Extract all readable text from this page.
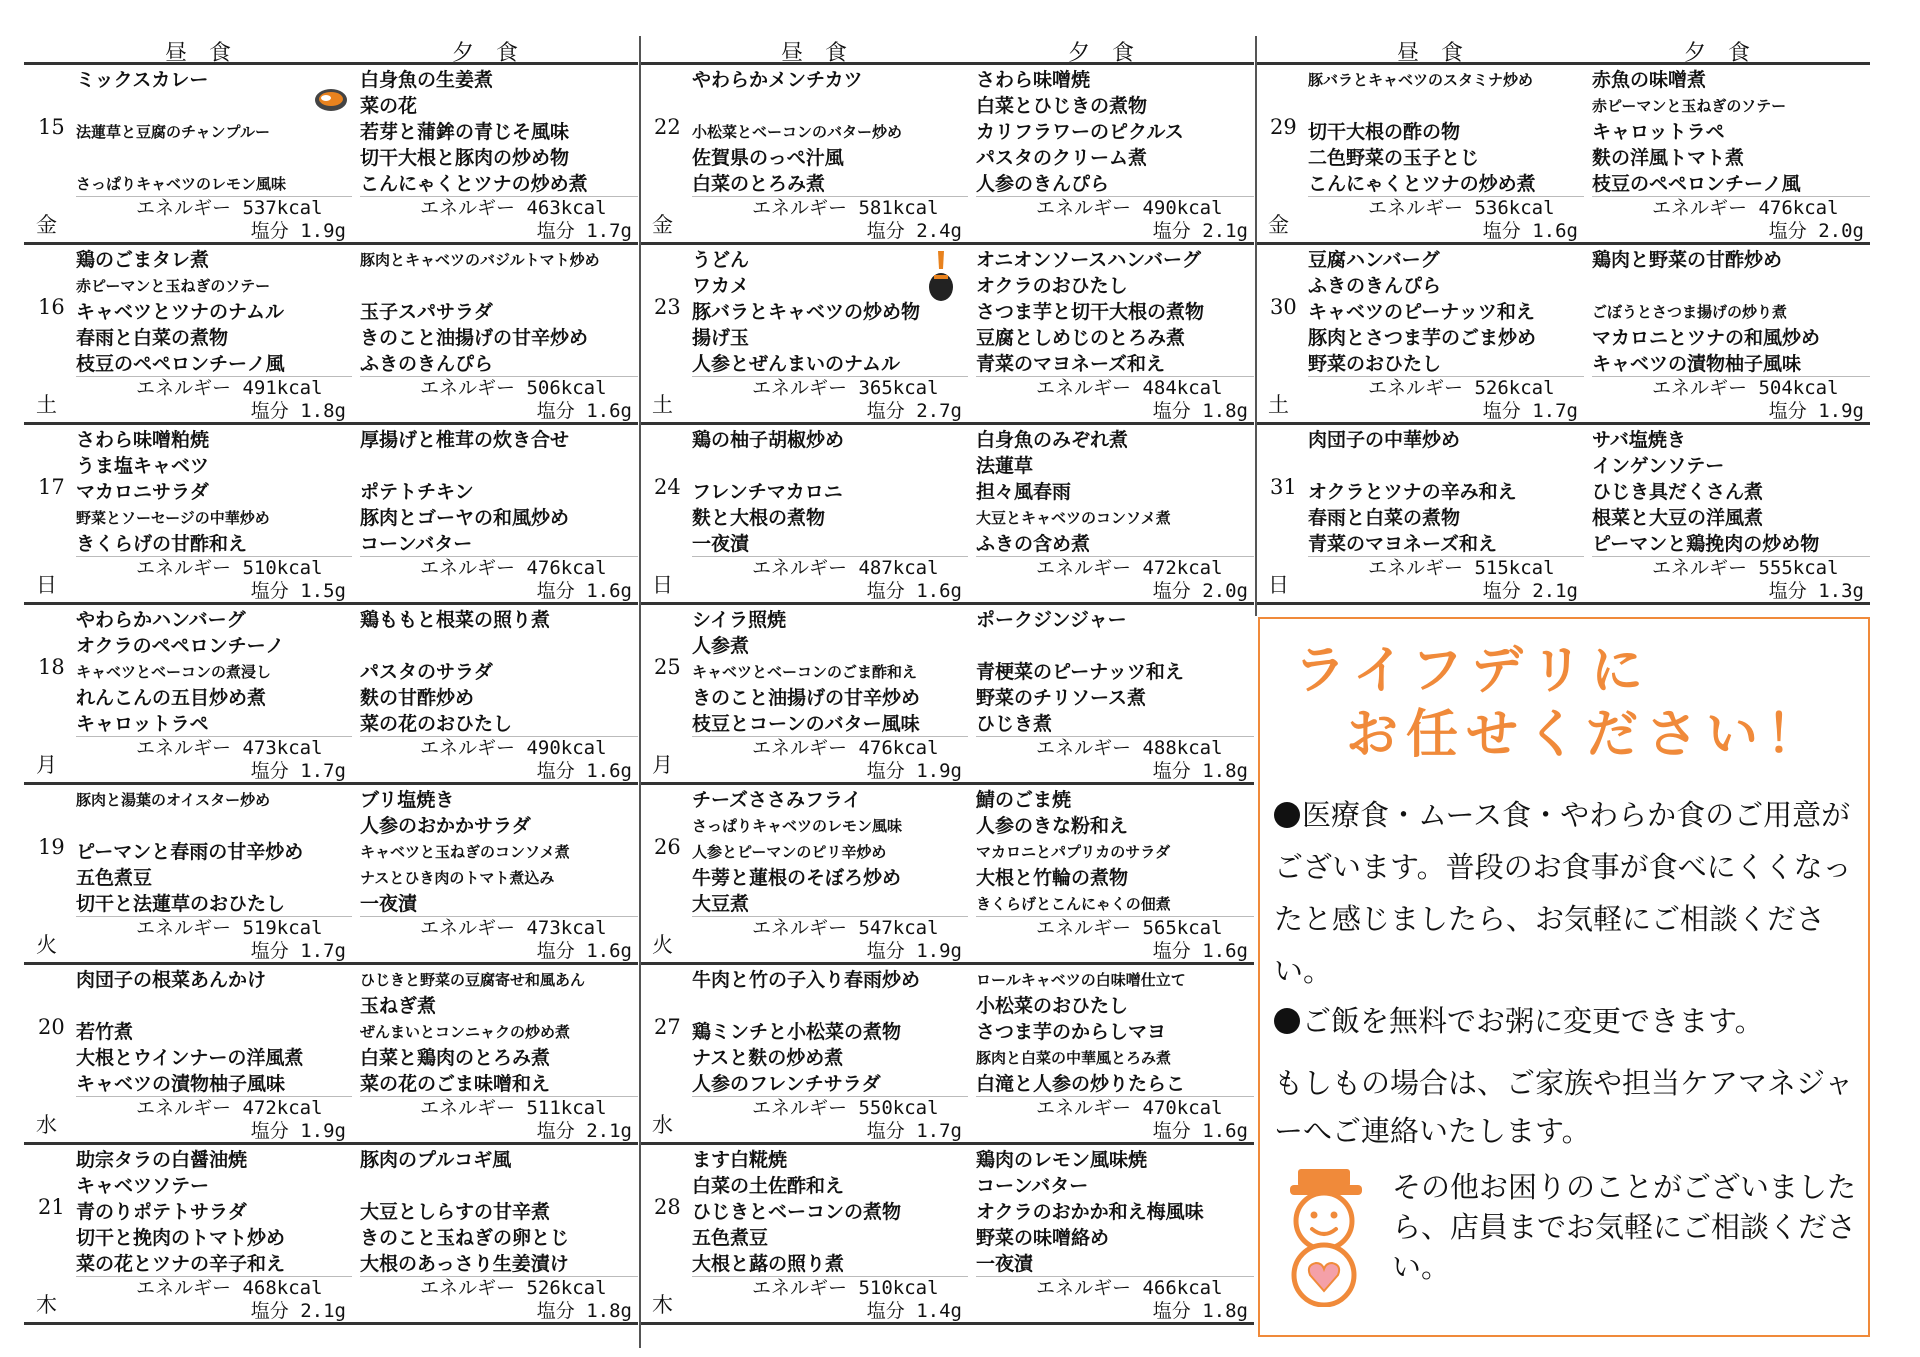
昼食	夕食
15
金
ミックスカレー
法蓮草と豆腐のチャンプルー
さっぱりキャベツのレモン風味
エネルギー 537kcal
塩分 1.9g
白身魚の生姜煮
菜の花
若芽と蒲鉾の青じそ風味
切干大根と豚肉の炒め物
こんにゃくとツナの炒め煮
エネルギー 463kcal
塩分 1.7g
16
土
鶏のごまタレ煮
赤ピーマンと玉ねぎのソテー
キャベツとツナのナムル
春雨と白菜の煮物
枝豆のペペロンチーノ風
エネルギー 491kcal
塩分 1.8g
豚肉とキャベツのバジルトマト炒め
玉子スパサラダ
きのこと油揚げの甘辛炒め
ふきのきんぴら
エネルギー 506kcal
塩分 1.6g
17
日
さわら味噌粕焼
うま塩キャベツ
マカロニサラダ
野菜とソーセージの中華炒め
きくらげの甘酢和え
エネルギー 510kcal
塩分 1.5g
厚揚げと椎茸の炊き合せ
ポテトチキン
豚肉とゴーヤの和風炒め
コーンバター
エネルギー 476kcal
塩分 1.6g
18
月
やわらかハンバーグ
オクラのペペロンチーノ
キャベツとベーコンの煮浸し
れんこんの五目炒め煮
キャロットラペ
エネルギー 473kcal
塩分 1.7g
鶏ももと根菜の照り煮
パスタのサラダ
麩の甘酢炒め
菜の花のおひたし
エネルギー 490kcal
塩分 1.6g
19
火
豚肉と湯葉のオイスター炒め
ピーマンと春雨の甘辛炒め
五色煮豆
切干と法蓮草のおひたし
エネルギー 519kcal
塩分 1.7g
ブリ塩焼き
人参のおかかサラダ
キャベツと玉ねぎのコンソメ煮
ナスとひき肉のトマト煮込み
一夜漬
エネルギー 473kcal
塩分 1.6g
20
水
肉団子の根菜あんかけ
若竹煮
大根とウインナーの洋風煮
キャベツの漬物柚子風味
エネルギー 472kcal
塩分 1.9g
ひじきと野菜の豆腐寄せ和風あん
玉ねぎ煮
ぜんまいとコンニャクの炒め煮
白菜と鶏肉のとろみ煮
菜の花のごま味噌和え
エネルギー 511kcal
塩分 2.1g
21
木
助宗タラの白醤油焼
キャベツソテー
青のりポテトサラダ
切干と挽肉のトマト炒め
菜の花とツナの辛子和え
エネルギー 468kcal
塩分 2.1g
豚肉のプルコギ風
大豆としらすの甘辛煮
きのこと玉ねぎの卵とじ
大根のあっさり生姜漬け
エネルギー 526kcal
塩分 1.8g
昼食	夕食
22
金
やわらかメンチカツ
小松菜とベーコンのバター炒め
佐賀県のっぺ汁風
白菜のとろみ煮
エネルギー 581kcal
塩分 2.4g
さわら味噌焼
白菜とひじきの煮物
カリフラワーのピクルス
パスタのクリーム煮
人参のきんぴら
エネルギー 490kcal
塩分 2.1g
23
土
うどん
ワカメ
豚バラとキャベツの炒め物
揚げ玉
人参とぜんまいのナムル
エネルギー 365kcal
塩分 2.7g
オニオンソースハンバーグ
オクラのおひたし
さつま芋と切干大根の煮物
豆腐としめじのとろみ煮
青菜のマヨネーズ和え
エネルギー 484kcal
塩分 1.8g
24
日
鶏の柚子胡椒炒め
フレンチマカロニ
麩と大根の煮物
一夜漬
エネルギー 487kcal
塩分 1.6g
白身魚のみぞれ煮
法蓮草
担々風春雨
大豆とキャベツのコンソメ煮
ふきの含め煮
エネルギー 472kcal
塩分 2.0g
25
月
シイラ照焼
人参煮
キャベツとベーコンのごま酢和え
きのこと油揚げの甘辛炒め
枝豆とコーンのバター風味
エネルギー 476kcal
塩分 1.9g
ポークジンジャー
青梗菜のピーナッツ和え
野菜のチリソース煮
ひじき煮
エネルギー 488kcal
塩分 1.8g
26
火
チーズささみフライ
さっぱりキャベツのレモン風味
人参とピーマンのピリ辛炒め
牛蒡と蓮根のそぼろ炒め
大豆煮
エネルギー 547kcal
塩分 1.9g
鯖のごま焼
人参のきな粉和え
マカロニとパプリカのサラダ
大根と竹輪の煮物
きくらげとこんにゃくの佃煮
エネルギー 565kcal
塩分 1.6g
27
水
牛肉と竹の子入り春雨炒め
鶏ミンチと小松菜の煮物
ナスと麩の炒め煮
人参のフレンチサラダ
エネルギー 550kcal
塩分 1.7g
ロールキャベツの白味噌仕立て
小松菜のおひたし
さつま芋のからしマヨ
豚肉と白菜の中華風とろみ煮
白滝と人参の炒りたらこ
エネルギー 470kcal
塩分 1.6g
28
木
ます白糀焼
白菜の土佐酢和え
ひじきとベーコンの煮物
五色煮豆
大根と蕗の照り煮
エネルギー 510kcal
塩分 1.4g
鶏肉のレモン風味焼
コーンバター
オクラのおかか和え梅風味
野菜の味噌絡め
一夜漬
エネルギー 466kcal
塩分 1.8g
昼食	夕食
29
金
豚バラとキャベツのスタミナ炒め
切干大根の酢の物
二色野菜の玉子とじ
こんにゃくとツナの炒め煮
エネルギー 536kcal
塩分 1.6g
赤魚の味噌煮
赤ピーマンと玉ねぎのソテー
キャロットラペ
麩の洋風トマト煮
枝豆のペペロンチーノ風
エネルギー 476kcal
塩分 2.0g
30
土
豆腐ハンバーグ
ふきのきんぴら
キャベツのピーナッツ和え
豚肉とさつま芋のごま炒め
野菜のおひたし
エネルギー 526kcal
塩分 1.7g
鶏肉と野菜の甘酢炒め
ごぼうとさつま揚げの炒り煮
マカロニとツナの和風炒め
キャベツの漬物柚子風味
エネルギー 504kcal
塩分 1.9g
31
日
肉団子の中華炒め
オクラとツナの辛み和え
春雨と白菜の煮物
青菜のマヨネーズ和え
エネルギー 515kcal
塩分 2.1g
サバ塩焼き
インゲンソテー
ひじき具だくさん煮
根菜と大豆の洋風煮
ピーマンと鶏挽肉の炒め物
エネルギー 555kcal
塩分 1.3g
ライフデリに
お任せください！
医療食・ムース食・やわらか食のご用意がございます。普段のお食事が食べにくくなったと感じましたら、お気軽にご相談ください。
ご飯を無料でお粥に変更できます。
もしもの場合は、ご家族や担当ケアマネジャーへご連絡いたします。
その他お困りのことがございましたら、店員までお気軽にご相談ください。
